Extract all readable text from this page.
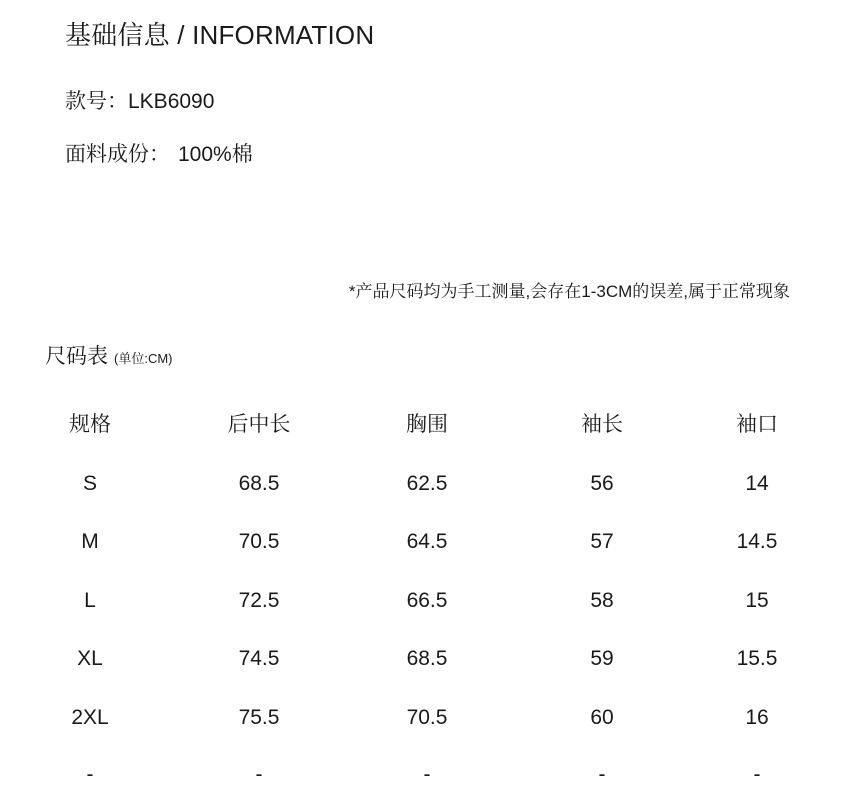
基础信息 / INFORMATION
款号：LKB6090
面料成份： 100%棉
*产品尺码均为手工测量,会存在1-3CM的误差,属于正常现象
尺码表 (单位:CM)
规格	后中长	胸围	袖长	袖口
S	68.5	62.5	56	14
M	70.5	64.5	57	14.5
L	72.5	66.5	58	15
XL	74.5	68.5	59	15.5
2XL	75.5	70.5	60	16
-	-	-	-	-
